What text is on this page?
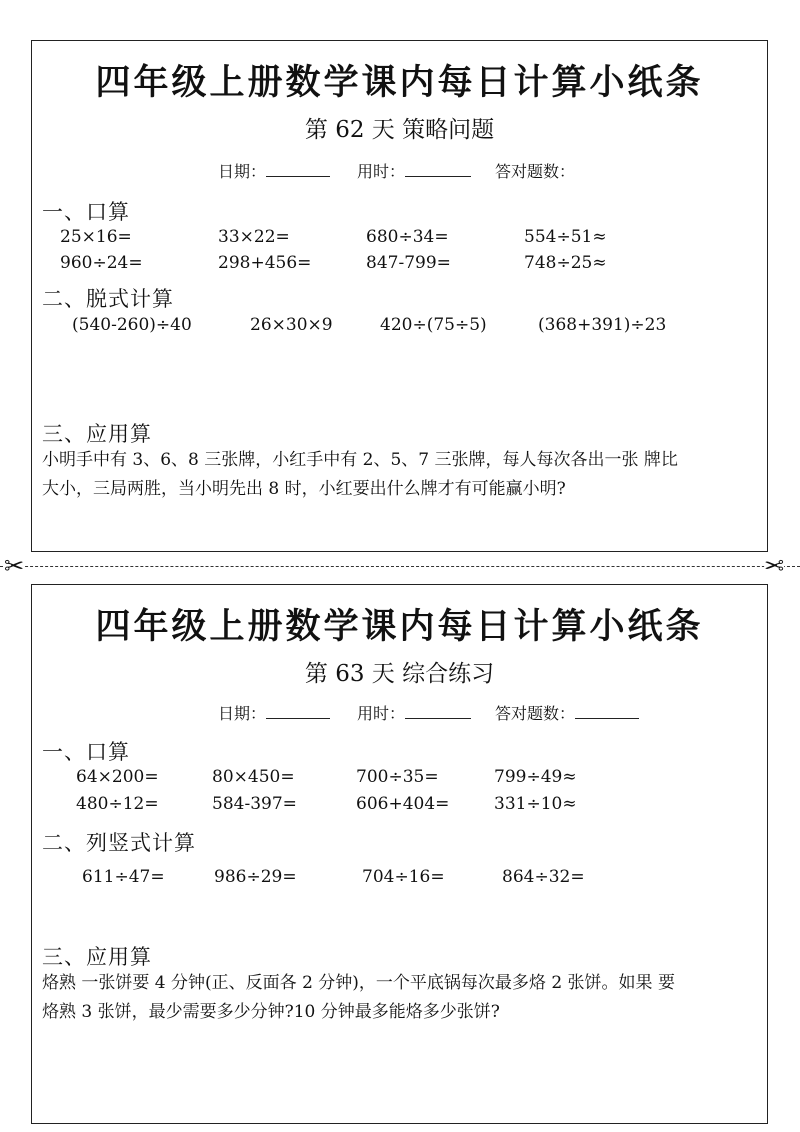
四年级上册数学课内每日计算小纸条
第 62 天 策略问题
日期：	用时：	答对题数：
一、口算
25×16=	33×22=	680÷34=	554÷51≈
960÷24=	298+456=	847-799=	748÷25≈
二、脱式计算
(540-260)÷40	26×30×9	420÷(75÷5)	(368+391)÷23
三、应用算
小明手中有 3、6、8 三张牌，小红手中有 2、5、7 三张牌，每人每次各出一张 牌比
大小，三局两胜，当小明先出 8 时，小红要出什么牌才有可能赢小明?
✂	✂
四年级上册数学课内每日计算小纸条
第 63 天 综合练习
日期：	用时：	答对题数：
一、口算
64×200=	80×450=	700÷35=	799÷49≈
480÷12=	584-397=	606+404=	331÷10≈
二、列竖式计算
611÷47=	986÷29=	704÷16=	864÷32=
三、应用算
烙熟 一张饼要 4 分钟(正、反面各 2 分钟)，一个平底锅每次最多烙 2 张饼。如果 要
烙熟 3 张饼，最少需要多少分钟?10 分钟最多能烙多少张饼?
